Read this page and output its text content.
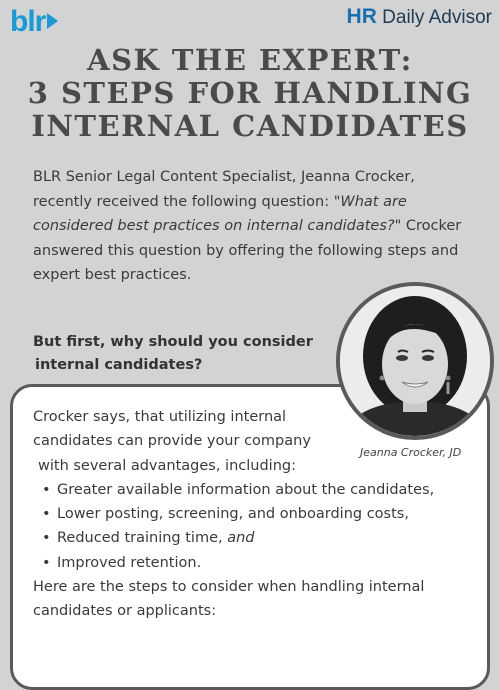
blr	HR Daily Advisor
ASK THE EXPERT:
3 STEPS FOR HANDLING
INTERNAL CANDIDATES

BLR Senior Legal Content Specialist, Jeanna Crocker, recently received the following question: "What are considered best practices on internal candidates?" Crocker answered this question by offering the following steps and expert best practices.

But first, why should you consider
internal candidates?

Crocker says, that utilizing internal

candidates can provide your company

with several advantages, including:

• Greater available information about the candidates,
• Lower posting, screening, and onboarding costs,
• Reduced training time, and
• Improved retention.

Here are the steps to consider when handling internal candidates or applicants:

Jeanna Crocker, JD
